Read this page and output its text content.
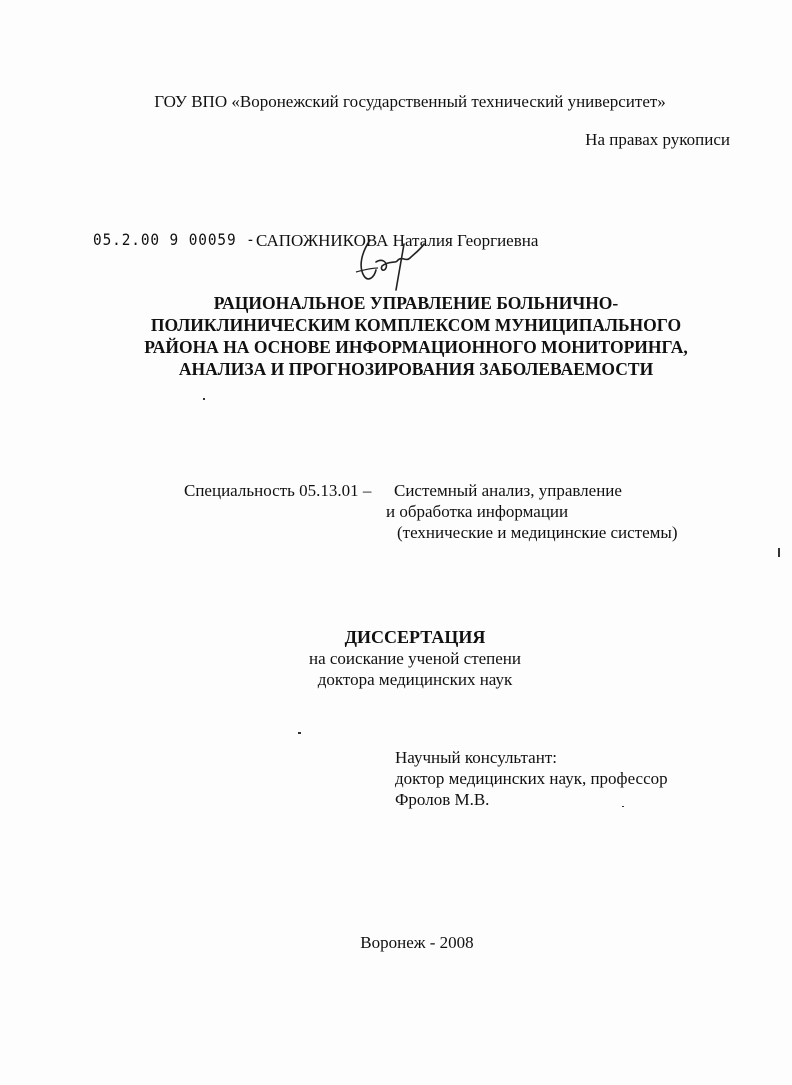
ГОУ ВПО «Воронежский государственный технический университет»
На правах рукописи
05.2.00 9 00059 - САПОЖНИКОВА Наталия Георгиевна
РАЦИОНАЛЬНОЕ УПРАВЛЕНИЕ БОЛЬНИЧНО-
ПОЛИКЛИНИЧЕСКИМ КОМПЛЕКСОМ МУНИЦИПАЛЬНОГО
РАЙОНА НА ОСНОВЕ ИНФОРМАЦИОННОГО МОНИТОРИНГА,
АНАЛИЗА И ПРОГНОЗИРОВАНИЯ ЗАБОЛЕВАЕМОСТИ
Специальность 05.13.01 – Системный анализ, управление
и обработка информации
(технические и медицинские системы)
ДИССЕРТАЦИЯ
на соискание ученой степени
доктора медицинских наук
Научный консультант:
доктор медицинских наук, профессор
Фролов М.В.
Воронеж - 2008
